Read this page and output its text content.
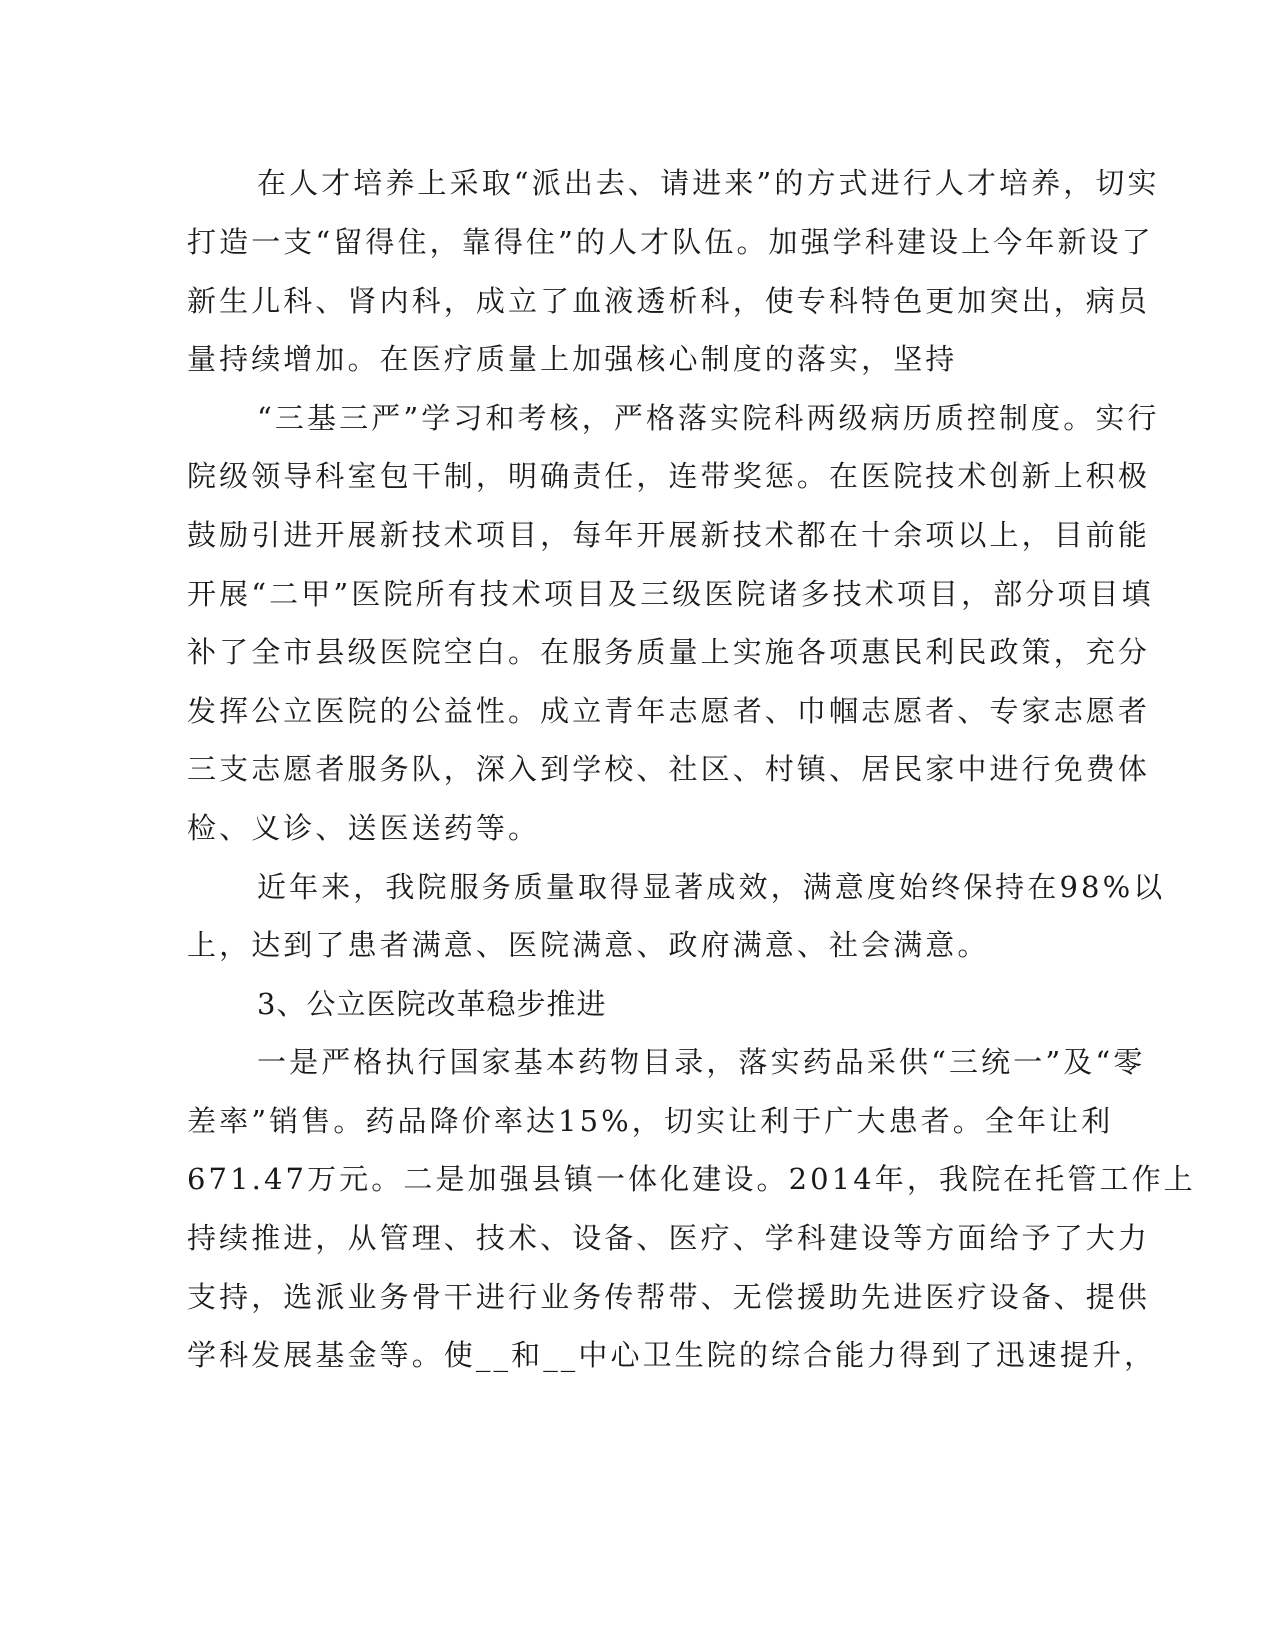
在人才培养上采取“派出去、请进来”的方式进行人才培养，切实
打造一支“留得住，靠得住”的人才队伍。加强学科建设上今年新设了
新生儿科、肾内科，成立了血液透析科，使专科特色更加突出，病员
量持续增加。在医疗质量上加强核心制度的落实，坚持
“三基三严”学习和考核，严格落实院科两级病历质控制度。实行
院级领导科室包干制，明确责任，连带奖惩。在医院技术创新上积极
鼓励引进开展新技术项目，每年开展新技术都在十余项以上，目前能
开展“二甲”医院所有技术项目及三级医院诸多技术项目，部分项目填
补了全市县级医院空白。在服务质量上实施各项惠民利民政策，充分
发挥公立医院的公益性。成立青年志愿者、巾帼志愿者、专家志愿者
三支志愿者服务队，深入到学校、社区、村镇、居民家中进行免费体
检、义诊、送医送药等。
近年来，我院服务质量取得显著成效，满意度始终保持在98%以
上，达到了患者满意、医院满意、政府满意、社会满意。
3、公立医院改革稳步推进
一是严格执行国家基本药物目录，落实药品采供“三统一”及“零
差率”销售。药品降价率达15%，切实让利于广大患者。全年让利
671.47万元。二是加强县镇一体化建设。2014年，我院在托管工作上
持续推进，从管理、技术、设备、医疗、学科建设等方面给予了大力
支持，选派业务骨干进行业务传帮带、无偿援助先进医疗设备、提供
学科发展基金等。使__和__中心卫生院的综合能力得到了迅速提升，
